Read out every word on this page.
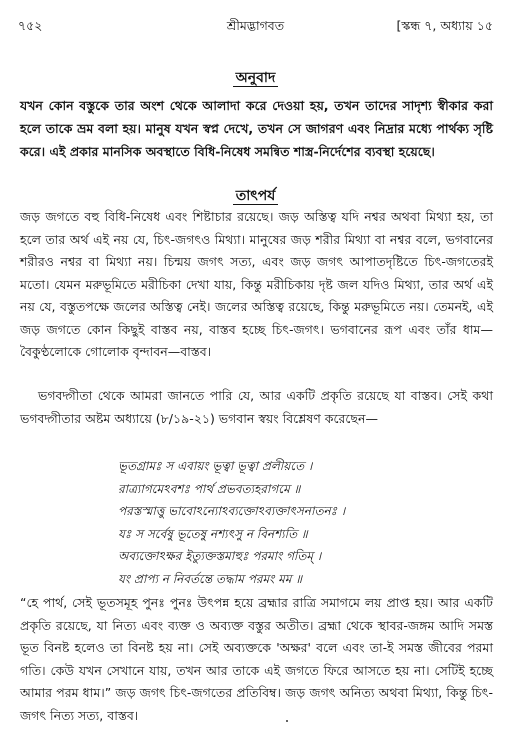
৭৫২	শ্রীমদ্ভাগবত	[স্কন্ধ ৭, অধ্যায় ১৫
অনুবাদ
যখন কোন বস্তুকে তার অংশ থেকে আলাদা করে দেওয়া হয়, তখন তাদের সাদৃশ্য স্বীকার করা হলে তাকে ভ্রম বলা হয়। মানুষ যখন স্বপ্ন দেখে, তখন সে জাগরণ এবং নিদ্রার মধ্যে পার্থক্য সৃষ্টি করে। এই প্রকার মানসিক অবস্থাতে বিধি-নিষেধ সমন্বিত শাস্ত্র-নির্দেশের ব্যবস্থা হয়েছে।
তাৎপর্য
জড় জগতে বহু বিধি-নিষেধ এবং শিষ্টাচার রয়েছে। জড় অস্তিত্ব যদি নশ্বর অথবা মিথ্যা হয়, তা হলে তার অর্থ এই নয় যে, চিৎ-জগৎও মিথ্যা। মানুষের জড় শরীর মিথ্যা বা নশ্বর বলে, ভগবানের শরীরও নশ্বর বা মিথ্যা নয়। চিন্ময় জগৎ সত্য, এবং জড় জগৎ আপাতদৃষ্টিতে চিৎ-জগতেরই মতো। যেমন মরুভূমিতে মরীচিকা দেখা যায়, কিন্তু মরীচিকায় দৃষ্ট জল যদিও মিথ্যা, তার অর্থ এই নয় যে, বস্তুতপক্ষে জলের অস্তিত্ব নেই। জলের অস্তিত্ব রয়েছে, কিন্তু মরুভূমিতে নয়। তেমনই, এই জড় জগতে কোন কিছুই বাস্তব নয়, বাস্তব হচ্ছে চিৎ-জগৎ। ভগবানের রূপ এবং তাঁর ধাম—বৈকুণ্ঠলোকে গোলোক বৃন্দাবন—বাস্তব।
ভগবদ্গীতা থেকে আমরা জানতে পারি যে, আর একটি প্রকৃতি রয়েছে যা বাস্তব। সেই কথা ভগবদ্গীতার অষ্টম অধ্যায়ে (৮/১৯-২১) ভগবান স্বয়ং বিশ্লেষণ করেছেন—
ভূতগ্রামঃ স এবায়ং ভূত্বা ভূত্বা প্রলীয়তে ।
রাত্র্যাগমেঽবশঃ পার্থ প্রভবত্যহরাগমে ॥
পরস্তস্মাত্তু ভাবোঽন্যোঽব্যক্তোঽব্যক্তাৎসনাতনঃ ।
যঃ স সর্বেষু ভূতেষু নশ্যৎসু ন বিনশ্যতি ॥
অব্যক্তোঽক্ষর ইত্যুক্তস্তমাহুঃ পরমাং গতিম্ ।
যং প্রাপ্য ন নিবর্তন্তে তদ্ধাম পরমং মম ॥
“হে পার্থ, সেই ভূতসমূহ পুনঃ পুনঃ উৎপন্ন হয়ে ব্রহ্মার রাত্রি সমাগমে লয় প্রাপ্ত হয়। আর একটি প্রকৃতি রয়েছে, যা নিত্য এবং ব্যক্ত ও অব্যক্ত বস্তুর অতীত। ব্রহ্মা থেকে স্থাবর-জঙ্গম আদি সমস্ত ভূত বিনষ্ট হলেও তা বিনষ্ট হয় না। সেই অব্যক্তকে 'অক্ষর' বলে এবং তা-ই সমস্ত জীবের পরমা গতি। কেউ যখন সেখানে যায়, তখন আর তাকে এই জগতে ফিরে আসতে হয় না। সেটিই হচ্ছে আমার পরম ধাম।” জড় জগৎ চিৎ-জগতের প্রতিবিম্ব। জড় জগৎ অনিত্য অথবা মিথ্যা, কিন্তু চিৎ-জগৎ নিত্য সত্য, বাস্তব।
